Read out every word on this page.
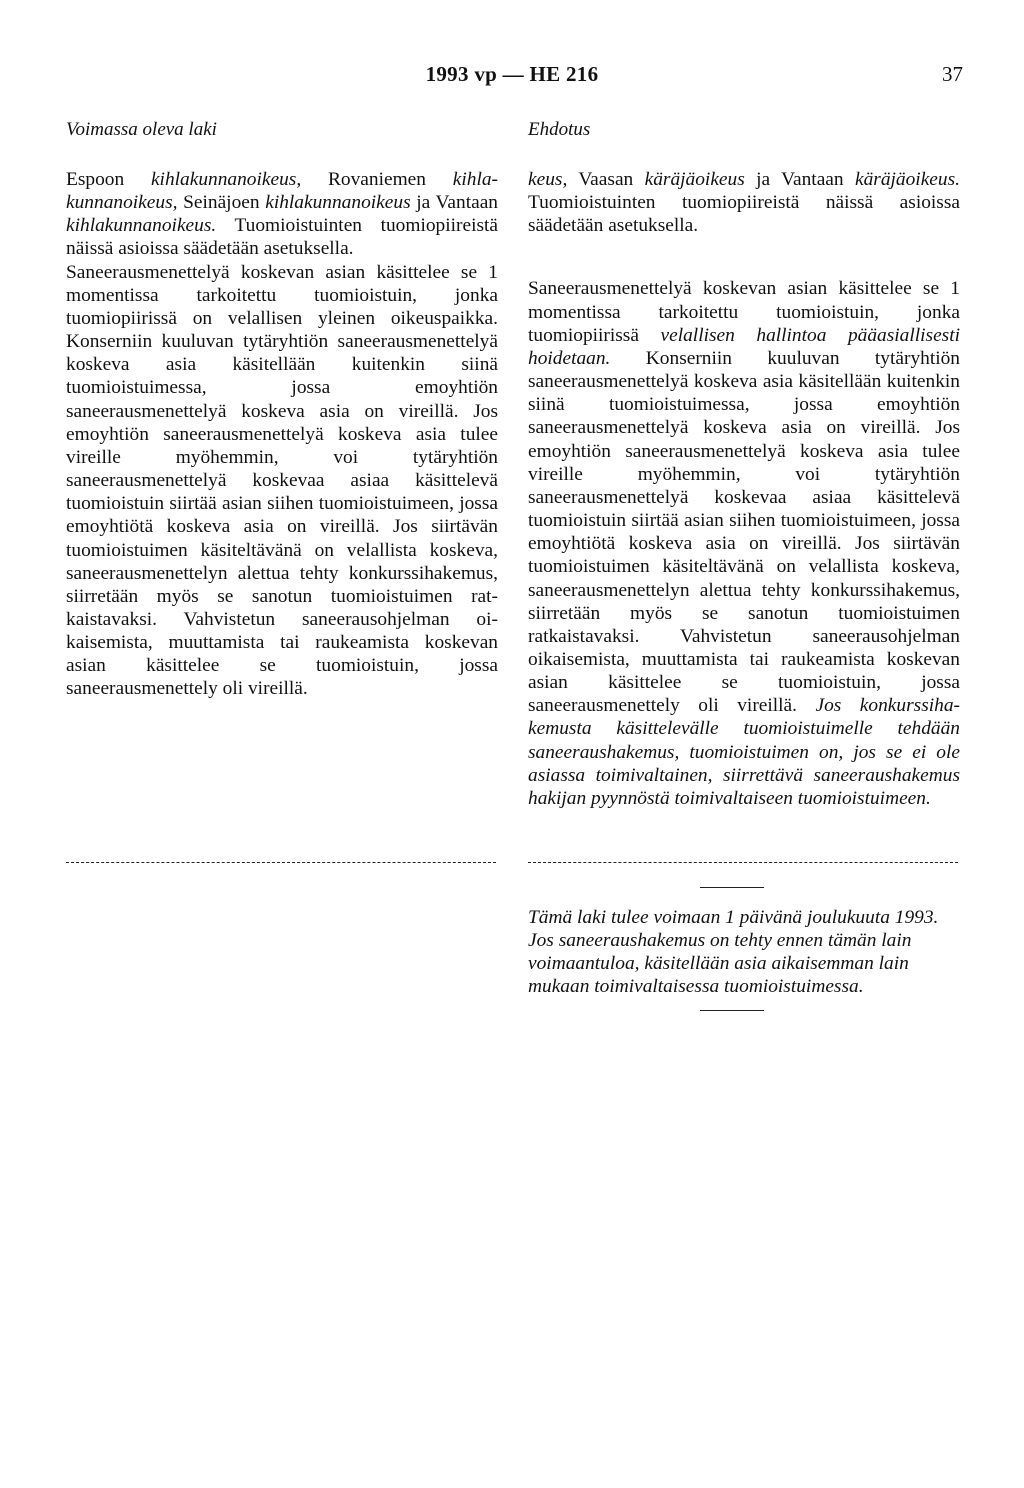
1993 vp — HE 216	37
Voimassa oleva laki	Ehdotus

Espoon kihlakunnanoikeus, Rovaniemen kihlakunnanoikeus, Seinäjoen kihlakunnanoikeus ja Vantaan kihlakunnanoikeus. Tuomioistuinten tuomiopiireistä näissä asioissa säädetään asetuksella.

Saneerausmenettelyä koskevan asian käsittelee se 1 momentissa tarkoitettu tuomioistuin, jonka tuomiopiirissä on velallisen yleinen oikeuspaikka. Konserniin kuuluvan tytäryhtiön saneerausmenettelyä koskeva asia käsitellään kuitenkin siinä tuomioistuimessa, jossa emoyhtiön saneerausmenettelyä koskeva asia on vireillä. Jos emoyhtiön saneerausmenettelyä koskeva asia tulee vireille myöhemmin, voi tytäryhtiön saneerausmenettelyä koskevaa asiaa käsittelevä tuomioistuin siirtää asian siihen tuomioistuimeen, jossa emoyhtiötä koskeva asia on vireillä. Jos siirtävän tuomioistuimen käsiteltävänä on velallista koskeva, saneerausmenettelyn alettua tehty konkurssihakemus, siirretään myös se sanotun tuomioistuimen ratkaistavaksi. Vahvistetun saneerausohjelman oikaisemista, muuttamista tai raukeamista koskevan asian käsittelee se tuomioistuin, jossa saneerausmenettely oli vireillä.

keus, Vaasan käräjäoikeus ja Vantaan käräjäoikeus. Tuomioistuinten tuomiopiireistä näissä asioissa säädetään asetuksella.

Saneerausmenettelyä koskevan asian käsittelee se 1 momentissa tarkoitettu tuomioistuin, jonka tuomiopiirissä velallisen hallintoa pääasiallisesti hoidetaan. Konserniin kuuluvan tytäryhtiön saneerausmenettelyä koskeva asia käsitellään kuitenkin siinä tuomioistuimessa, jossa emoyhtiön saneerausmenettelyä koskeva asia on vireillä. Jos emoyhtiön saneerausmenettelyä koskeva asia tulee vireille myöhemmin, voi tytäryhtiön saneerausmenettelyä koskevaa asiaa käsittelevä tuomioistuin siirtää asian siihen tuomioistuimeen, jossa emoyhtiötä koskeva asia on vireillä. Jos siirtävän tuomioistuimen käsiteltävänä on velallista koskeva, saneerausmenettelyn alettua tehty konkurssihakemus, siirretään myös se sanotun tuomioistuimen ratkaistavaksi. Vahvistetun saneerausohjelman oikaisemista, muuttamista tai raukeamista koskevan asian käsittelee se tuomioistuin, jossa saneerausmenettely oli vireillä. Jos konkurssihakemusta käsittelevälle tuomioistuimelle tehdään saneeraushakemus, tuomioistuimen on, jos se ei ole asiassa toimivaltainen, siirrettävä saneeraushakemus hakijan pyynnöstä toimivaltaiseen tuomioistuimeen.

Tämä laki tulee voimaan 1 päivänä joulukuuta 1993.

Jos saneeraushakemus on tehty ennen tämän lain voimaantuloa, käsitellään asia aikaisemman lain mukaan toimivaltaisessa tuomioistuimessa.
